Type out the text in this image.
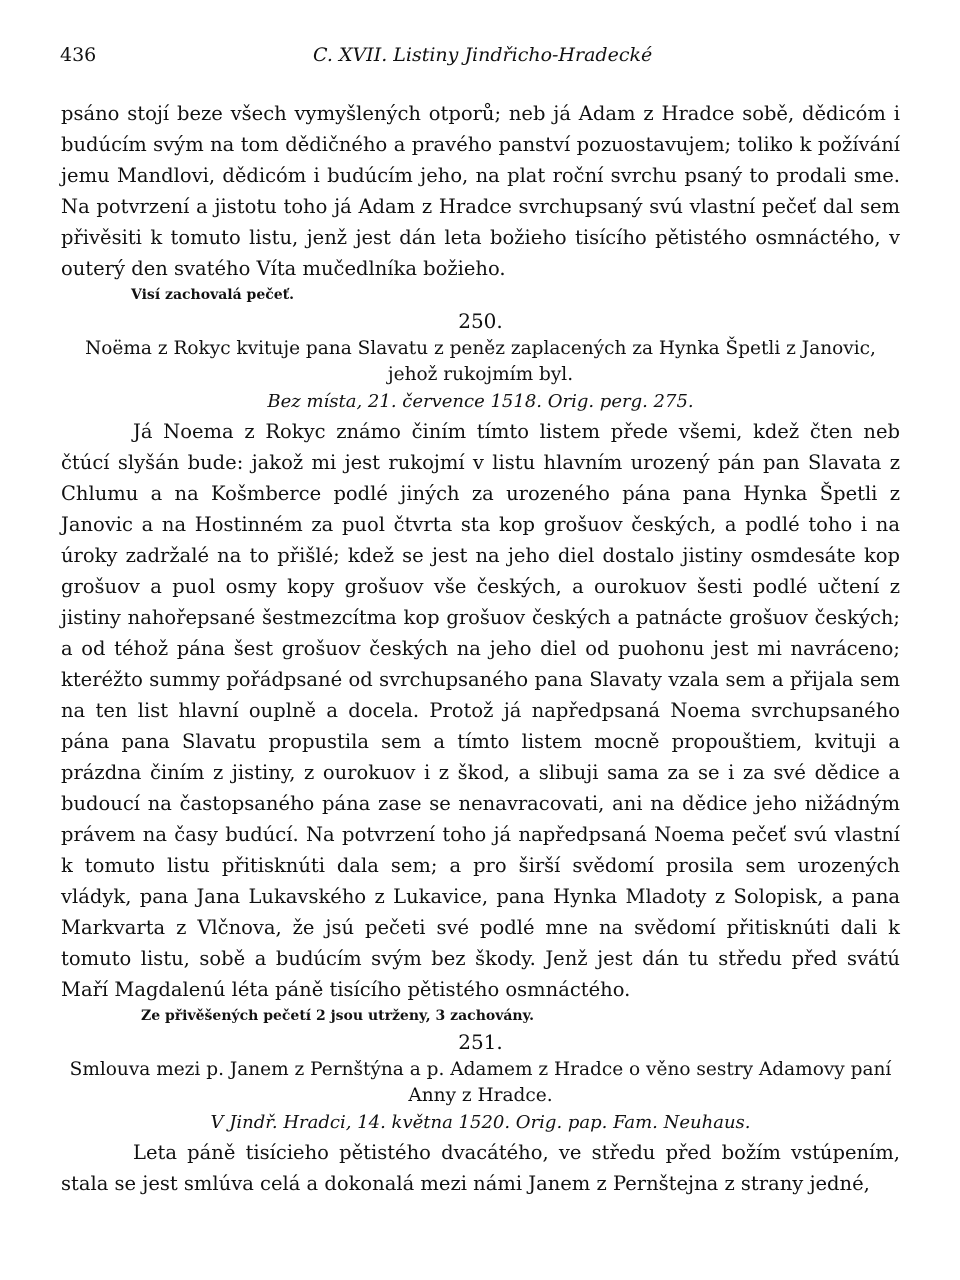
436	C. XVII. Listiny Jindřicho-Hradecké

psáno stojí beze všech vymyšlených otporů; neb já Adam z Hradce sobě, dědicóm i budúcím svým na tom dědičného a pravého panství pozuostavujem; toliko k požívání jemu Mandlovi, dědicóm i budúcím jeho, na plat roční svrchu psaný to prodali sme. Na potvrzení a jistotu toho já Adam z Hradce svrchupsaný svú vlastní pečeť dal sem přivěsiti k tomuto listu, jenž jest dán leta božieho tisícího pětistého osmnáctého, v outerý den svatého Víta mučedlníka božieho.

Visí zachovalá pečeť.

250.

Noëma z Rokyc kvituje pana Slavatu z peněz zaplacených za Hynka Špetli z Janovic, jehož rukojmím byl.

Bez místa, 21. července 1518. Orig. perg. 275.

Já Noema z Rokyc známo činím tímto listem přede všemi, kdež čten neb čtúcí slyšán bude: jakož mi jest rukojmí v listu hlavním urozený pán pan Slavata z Chlumu a na Košmberce podlé jiných za urozeného pána pana Hynka Špetli z Janovic a na Hostinném za puol čtvrta sta kop grošuov českých, a podlé toho i na úroky zadržalé na to přišlé; kdež se jest na jeho diel dostalo jistiny osmdesáte kop grošuov a puol osmy kopy grošuov vše českých, a ourokuov šesti podlé učtení z jistiny nahořepsané šestmezcítma kop grošuov českých a patnácte grošuov českých; a od téhož pána šest grošuov českých na jeho diel od puohonu jest mi navráceno; kteréžto summy pořádpsané od svrchupsaného pana Slavaty vzala sem a přijala sem na ten list hlavní ouplně a docela. Protož já napředpsaná Noema svrchupsaného pána pana Slavatu propustila sem a tímto listem mocně propouštiem, kvituji a prázdna činím z jistiny, z ourokuov i z škod, a slibuji sama za se i za své dědice a budoucí na častopsaného pána zase se nenavracovati, ani na dědice jeho nižádným právem na časy budúcí. Na potvrzení toho já napředpsaná Noema pečeť svú vlastní k tomuto listu přitisknúti dala sem; a pro širší svědomí prosila sem urozených vládyk, pana Jana Lukavského z Lukavice, pana Hynka Mladoty z Solopisk, a pana Markvarta z Vlčnova, že jsú pečeti své podlé mne na svědomí přitisknúti dali k tomuto listu, sobě a budúcím svým bez škody. Jenž jest dán tu středu před svátú Maří Magdalenú léta páně tisícího pětistého osmnáctého.

Ze přivěšených pečetí 2 jsou utrženy, 3 zachovány.

251.

Smlouva mezi p. Janem z Pernštýna a p. Adamem z Hradce o věno sestry Adamovy paní Anny z Hradce.

V Jindř. Hradci, 14. května 1520. Orig. pap. Fam. Neuhaus.

Leta páně tisícieho pětistého dvacátého, ve středu před božím vstúpením, stala se jest smlúva celá a dokonalá mezi námi Janem z Pernštejna z strany jedné,
